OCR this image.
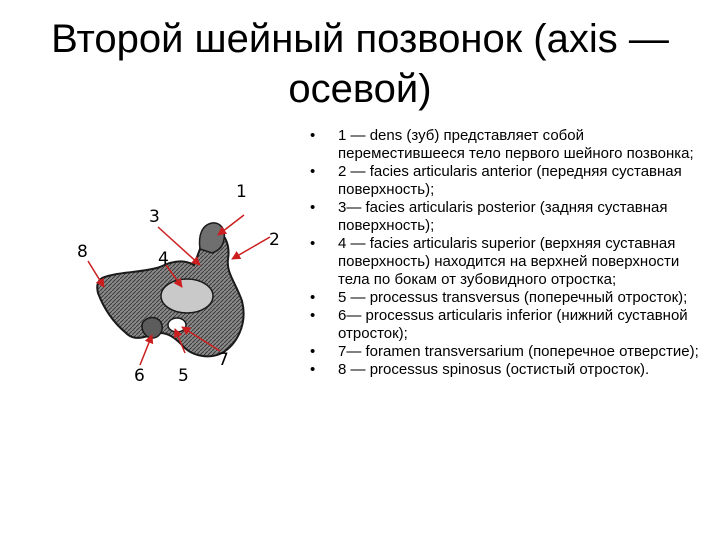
Второй шейный позвонок (axis —
осевой)
1
2
3
4
5
6
7
8
• 1 — dens (зуб) представляет собой переместившееся тело первого шейного позвонка;
• 2 — facies articularis anterior (передняя суставная поверхность);
• 3— facies articularis posterior (задняя суставная поверхность);
• 4 — facies articularis superior (верхняя суставная поверхность) находится на верхней поверхности тела по бокам от зубовидного отростка;
• 5 — processus transversus (поперечный отросток);
• 6— processus articularis inferior (нижний суставной отросток);
• 7— foramen transversarium (поперечное отверстие);
• 8 — processus spinosus (остистый отросток).
